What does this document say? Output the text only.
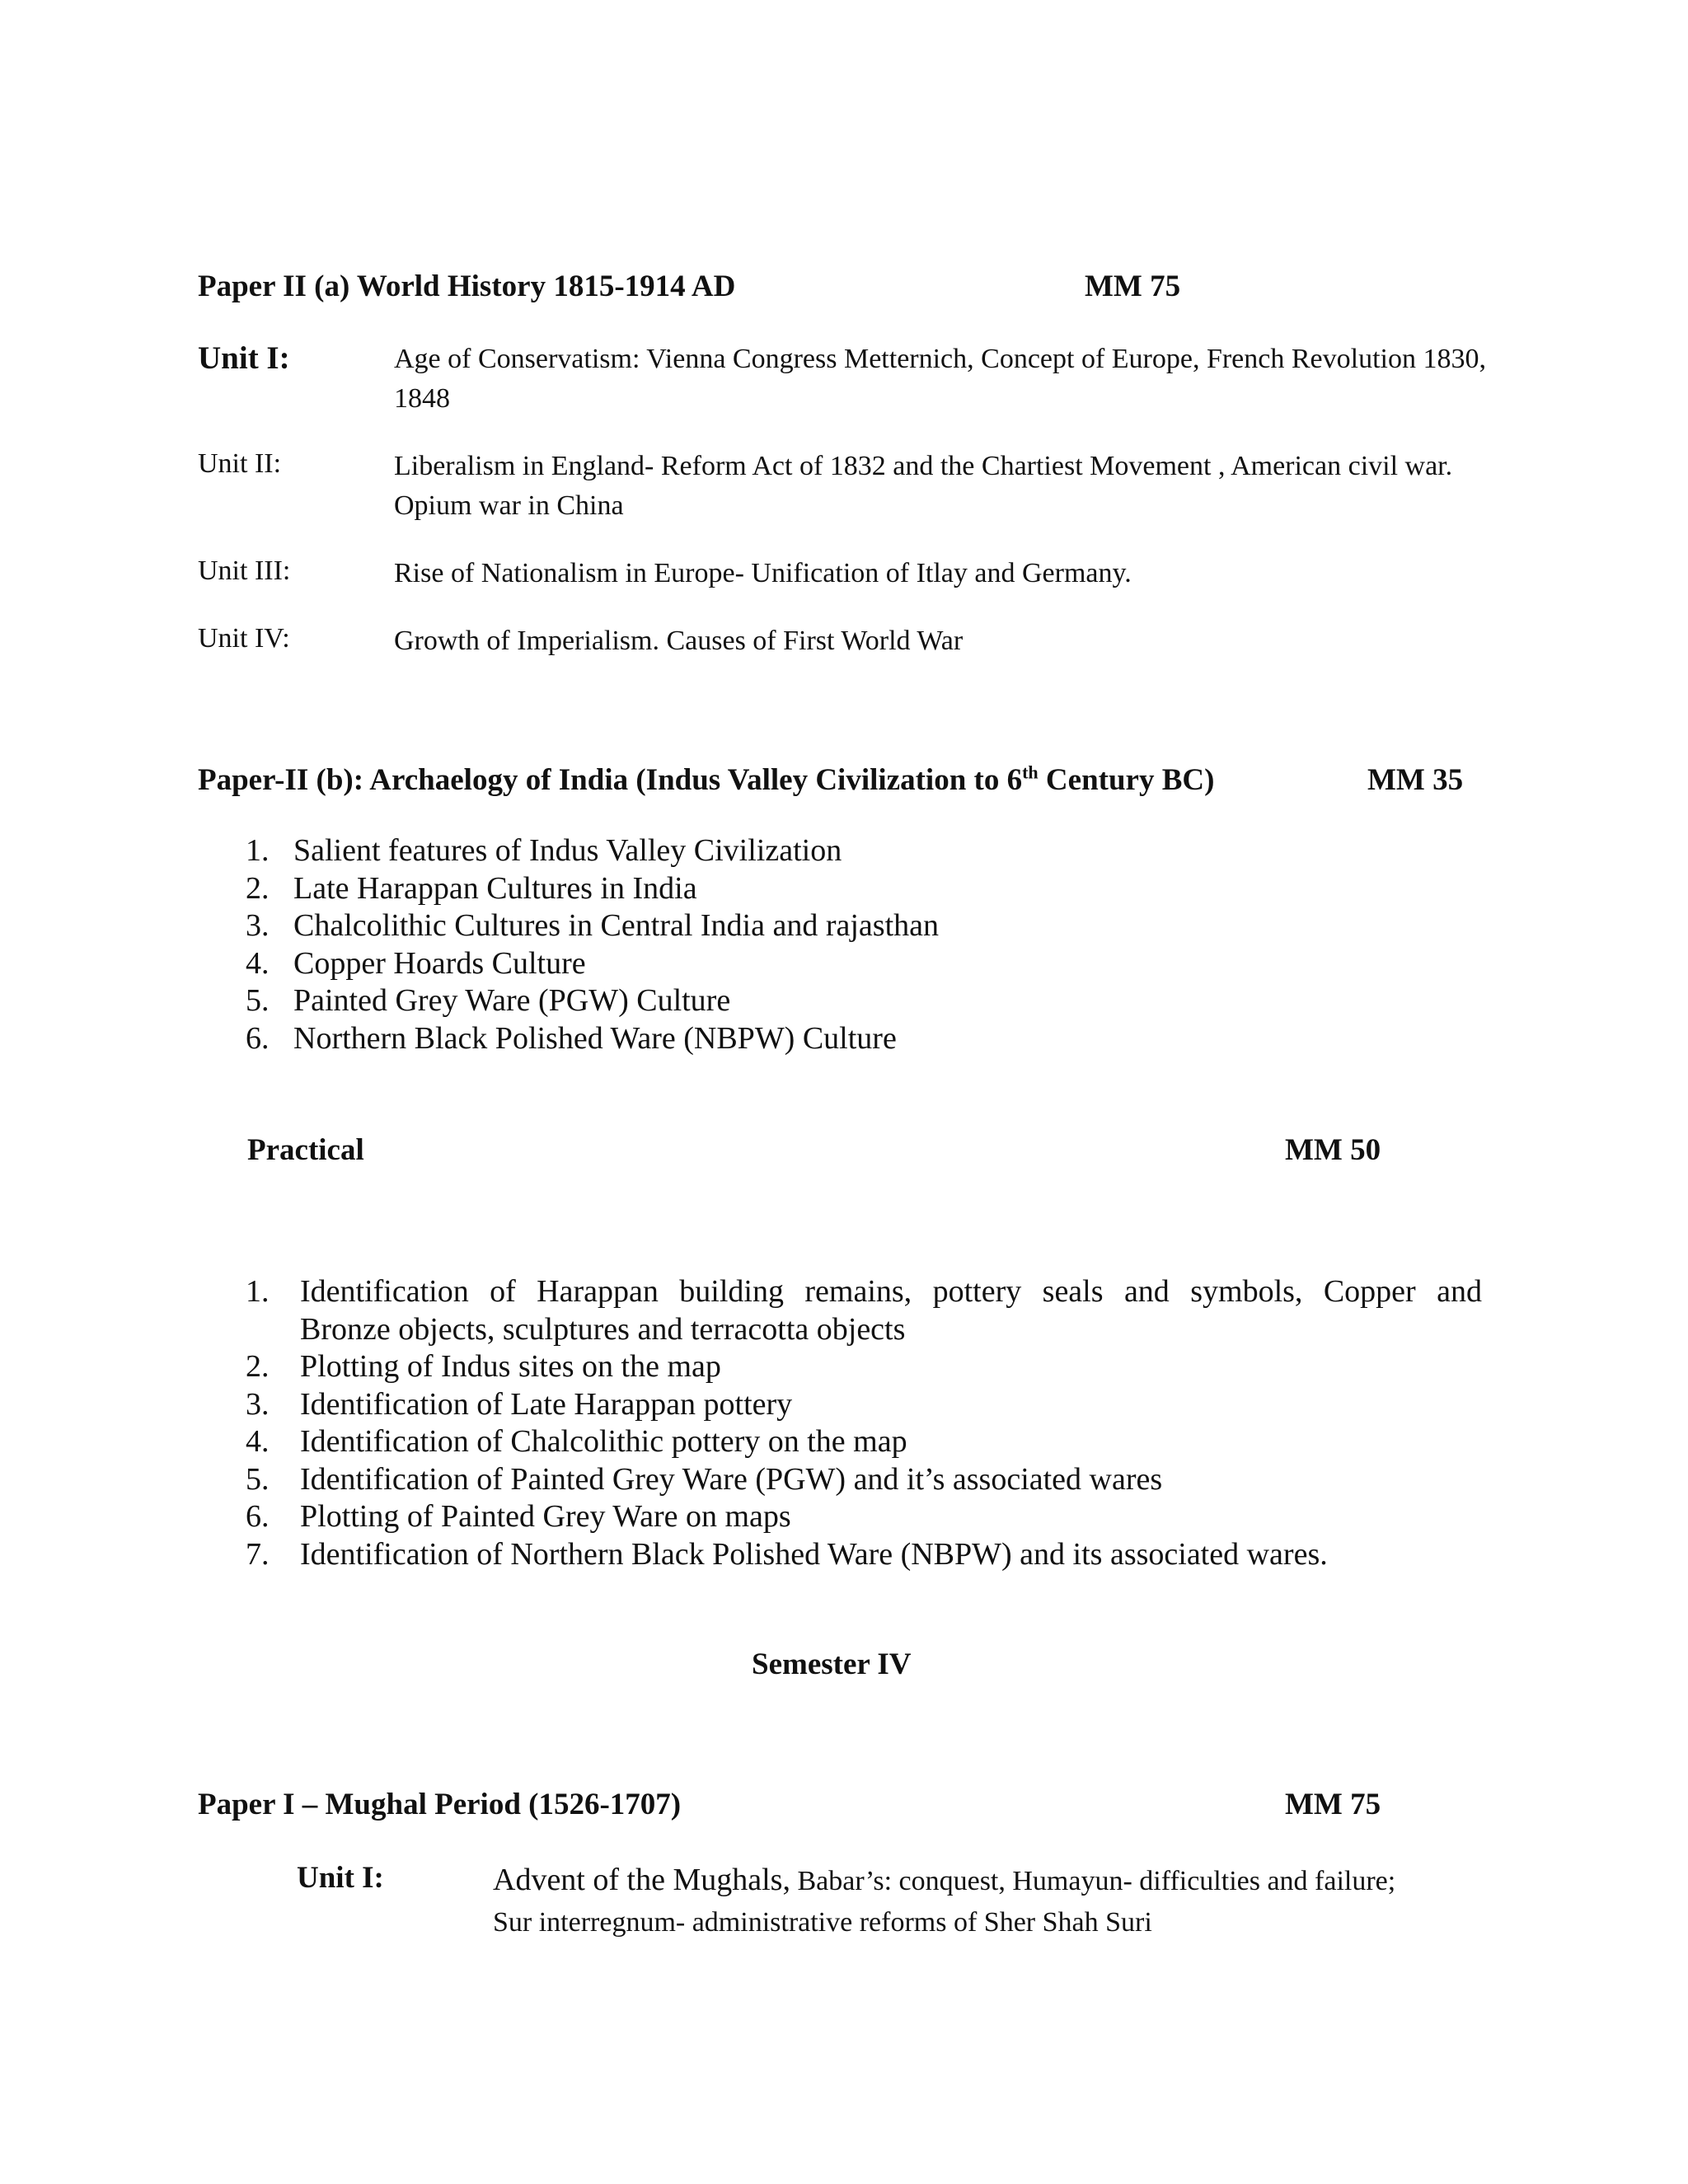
Paper II (a) World History 1815-1914 AD	MM 75
Unit I:	Age of Conservatism: Vienna Congress Metternich, Concept of Europe, French Revolution 1830, 1848
Unit II:	Liberalism in England- Reform Act of 1832 and the Chartiest Movement , American civil war. Opium war in China
Unit III:	Rise of Nationalism in Europe- Unification of Itlay and Germany.
Unit IV:	Growth of Imperialism. Causes of First World War
Paper-II (b): Archaelogy of India (Indus Valley Civilization to 6th Century BC)	MM 35
1. Salient features of Indus Valley Civilization
2. Late Harappan Cultures in India
3. Chalcolithic Cultures in Central India and rajasthan
4. Copper Hoards Culture
5. Painted Grey Ware (PGW) Culture
6. Northern Black Polished Ware (NBPW) Culture
Practical	MM 50
1. Identification of Harappan building remains, pottery seals and symbols, Copper and
Bronze objects, sculptures and terracotta objects
2. Plotting of Indus sites on the map
3. Identification of Late Harappan pottery
4. Identification of Chalcolithic pottery on the map
5. Identification of Painted Grey Ware (PGW) and it’s associated wares
6. Plotting of Painted Grey Ware on maps
7. Identification of Northern Black Polished Ware (NBPW) and its associated wares.
Semester IV
Paper I – Mughal Period (1526-1707)	MM 75
Unit I:	Advent of the Mughals, Babar’s: conquest, Humayun- difficulties and failure;
Sur interregnum- administrative reforms of Sher Shah Suri
